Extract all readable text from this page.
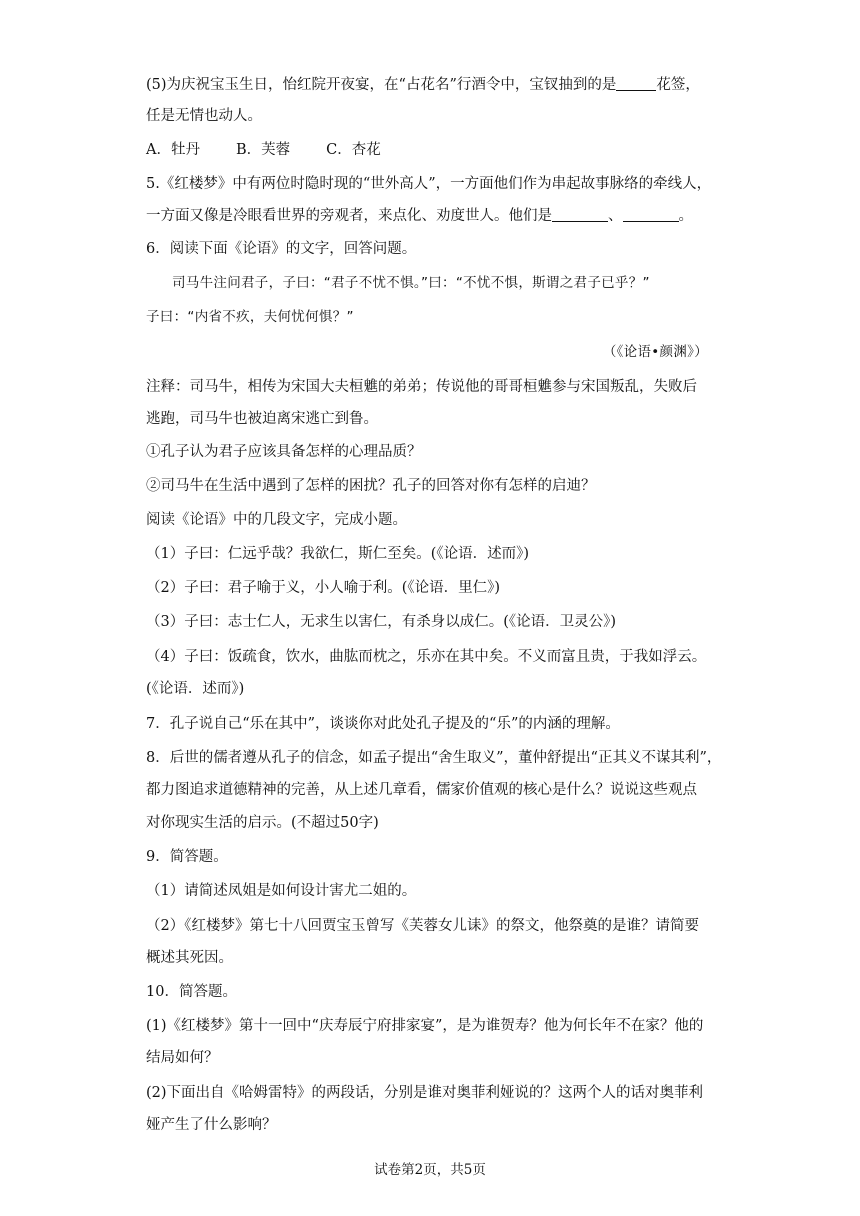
(5)为庆祝宝玉生日，怡红院开夜宴，在“占花名”行酒令中，宝钗抽到的是	花签，
任是无情也动人。
A．牡丹 B．芙蓉 C．杏花
5.《红楼梦》中有两位时隐时现的“世外高人”，一方面他们作为串起故事脉络的牵线人，
一方面又像是冷眼看世界的旁观者，来点化、劝度世人。他们是	、	。
6．阅读下面《论语》的文字，回答问题。
司马牛注问君子，子曰：“君子不忧不惧。”曰：“不忧不惧，斯谓之君子已乎？”
子曰：“内省不疚，夫何忧何惧？”
（《论语•颜渊》）
注释：司马牛，相传为宋国大夫桓魋的弟弟；传说他的哥哥桓魋参与宋国叛乱，失败后
逃跑，司马牛也被迫离宋逃亡到鲁。
①孔子认为君子应该具备怎样的心理品质？
②司马牛在生活中遇到了怎样的困扰？孔子的回答对你有怎样的启迪？
阅读《论语》中的几段文字，完成小题。
（1）子曰：仁远乎哉？我欲仁，斯仁至矣。(《论语．述而》)
（2）子曰：君子喻于义，小人喻于利。(《论语．里仁》)
（3）子曰：志士仁人，无求生以害仁，有杀身以成仁。(《论语．卫灵公》)
（4）子曰：饭疏食，饮水，曲肱而枕之，乐亦在其中矣。不义而富且贵，于我如浮云。
(《论语．述而》)
7．孔子说自己“乐在其中”，谈谈你对此处孔子提及的“乐”的内涵的理解。
8．后世的儒者遵从孔子的信念，如孟子提出“舍生取义”，董仲舒提出“正其义不谋其利”，
都力图追求道德精神的完善，从上述几章看，儒家价值观的核心是什么？说说这些观点
对你现实生活的启示。(不超过50字)
9．简答题。
（1）请简述凤姐是如何设计害尤二姐的。
（2）《红楼梦》第七十八回贾宝玉曾写《芙蓉女儿诔》的祭文，他祭奠的是谁？请简要
概述其死因。
10．简答题。
(1)《红楼梦》第十一回中“庆寿辰宁府排家宴”，是为谁贺寿？他为何长年不在家？他的
结局如何？
(2)下面出自《哈姆雷特》的两段话，分别是谁对奥菲利娅说的？这两个人的话对奥菲利
娅产生了什么影响？
试卷第2页，共5页
